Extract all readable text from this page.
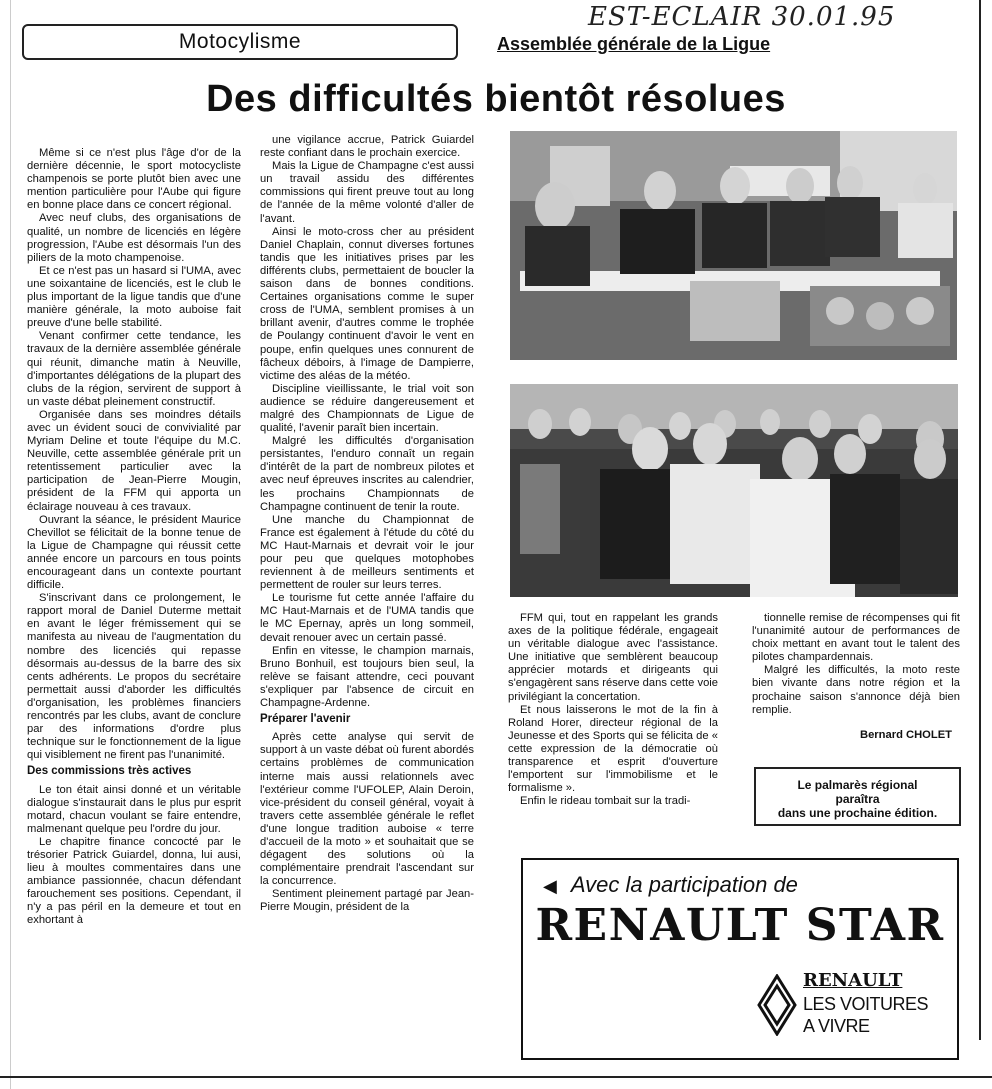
EST-ECLAIR 30.01.95
Motocylisme	Assemblée générale de la Ligue
Des difficultés bientôt résolues

Même si ce n'est plus l'âge d'or de la dernière décennie, le sport motocycliste champenois se porte plutôt bien avec une mention particulière pour l'Aube qui figure en bonne place dans ce concert régional.

Avec neuf clubs, des organisations de qualité, un nombre de licenciés en légère progression, l'Aube est désormais l'un des piliers de la moto champenoise.

Et ce n'est pas un hasard si l'UMA, avec une soixantaine de licenciés, est le club le plus important de la ligue tandis que d'une manière générale, la moto auboise fait preuve d'une belle stabilité.

Venant confirmer cette tendance, les travaux de la dernière assemblée générale qui réunit, dimanche matin à Neuville, d'importantes délégations de la plupart des clubs de la région, servirent de support à un vaste débat pleinement constructif.

Organisée dans ses moindres détails avec un évident souci de convivialité par Myriam Deline et toute l'équipe du M.C. Neuville, cette assemblée générale prit un retentissement particulier avec la participation de Jean-Pierre Mougin, président de la FFM qui apporta un éclairage nouveau à ces travaux.

Ouvrant la séance, le président Maurice Chevillot se félicitait de la bonne tenue de la Ligue de Champagne qui réussit cette année encore un parcours en tous points encourageant dans un contexte pourtant difficile.

S'inscrivant dans ce prolongement, le rapport moral de Daniel Duterme mettait en avant le léger frémissement qui se manifesta au niveau de l'augmentation du nombre des licenciés qui repasse désormais au-dessus de la barre des six cents adhérents. Le propos du secrétaire permettait aussi d'aborder les difficultés d'organisation, les problèmes financiers rencontrés par les clubs, avant de conclure par des informations d'ordre plus technique sur le fonctionnement de la ligue qui visiblement ne firent pas l'unanimité.

Des commissions très actives

Le ton était ainsi donné et un véritable dialogue s'instaurait dans le plus pur esprit motard, chacun voulant se faire entendre, malmenant quelque peu l'ordre du jour.

Le chapitre finance concocté par le trésorier Patrick Guiardel, donna, lui ausi, lieu à moultes commentaires dans une ambiance passionnée, chacun défendant farouchement ses positions. Cependant, il n'y a pas péril en la demeure et tout en exhortant à

une vigilance accrue, Patrick Guiardel reste confiant dans le prochain exercice.

Mais la Ligue de Champagne c'est aussi un travail assidu des différentes commissions qui firent preuve tout au long de l'année de la même volonté d'aller de l'avant.

Ainsi le moto-cross cher au président Daniel Chaplain, connut diverses fortunes tandis que les initiatives prises par les différents clubs, permettaient de boucler la saison dans de bonnes conditions. Certaines organisations comme le super cross de l'UMA, semblent promises à un brillant avenir, d'autres comme le trophée de Poulangy continuent d'avoir le vent en poupe, enfin quelques unes connurent de fâcheux déboirs, à l'image de Dampierre, victime des aléas de la météo.

Discipline vieillissante, le trial voit son audience se réduire dangereusement et malgré des Championnats de Ligue de qualité, l'avenir paraît bien incertain.

Malgré les difficultés d'organisation persistantes, l'enduro connaît un regain d'intérêt de la part de nombreux pilotes et avec neuf épreuves inscrites au calendrier, les prochains Championnats de Champagne continuent de tenir la route.

Une manche du Championnat de France est également à l'étude du côté du MC Haut-Marnais et devrait voir le jour pour peu que quelques motophobes reviennent à de meilleurs sentiments et permettent de rouler sur leurs terres.

Le tourisme fut cette année l'affaire du MC Haut-Marnais et de l'UMA tandis que le MC Epernay, après un long sommeil, devait renouer avec un certain passé.

Enfin en vitesse, le champion marnais, Bruno Bonhuil, est toujours bien seul, la relève se faisant attendre, ceci pouvant s'expliquer par l'absence de circuit en Champagne-Ardenne.

Préparer l'avenir

Après cette analyse qui servit de support à un vaste débat où furent abordés certains problèmes de communication interne mais aussi relationnels avec l'extérieur comme l'UFOLEP, Alain Deroin, vice-président du conseil général, voyait à travers cette assemblée générale le reflet d'une longue tradition auboise « terre d'accueil de la moto » et souhaitait que se dégagent des solutions où la complémentaire prendrait l'ascendant sur la concurrence.

Sentiment pleinement partagé par Jean-Pierre Mougin, président de la

FFM qui, tout en rappelant les grands axes de la politique fédérale, engageait un véritable dialogue avec l'assistance. Une initiative que semblèrent beaucoup apprécier motards et dirigeants qui s'engagèrent sans réserve dans cette voie privilégiant la concertation.

Et nous laisserons le mot de la fin à Roland Horer, directeur régional de la Jeunesse et des Sports qui se félicita de « cette expression de la démocratie où transparence et esprit d'ouverture l'emportent sur l'immobilisme et le formalisme ».

Enfin le rideau tombait sur la tradi-

tionnelle remise de récompenses qui fit l'unanimité autour de performances de choix mettant en avant tout le talent des pilotes champardennais.

Malgré les difficultés, la moto reste bien vivante dans notre région et la prochaine saison s'annonce déjà bien remplie.

Bernard CHOLET
Le palmarès régional
paraîtra
dans une prochaine édition.
◀ Avec la participation de
RENAULT STAR
RENAULT
LES VOITURES
A VIVRE
